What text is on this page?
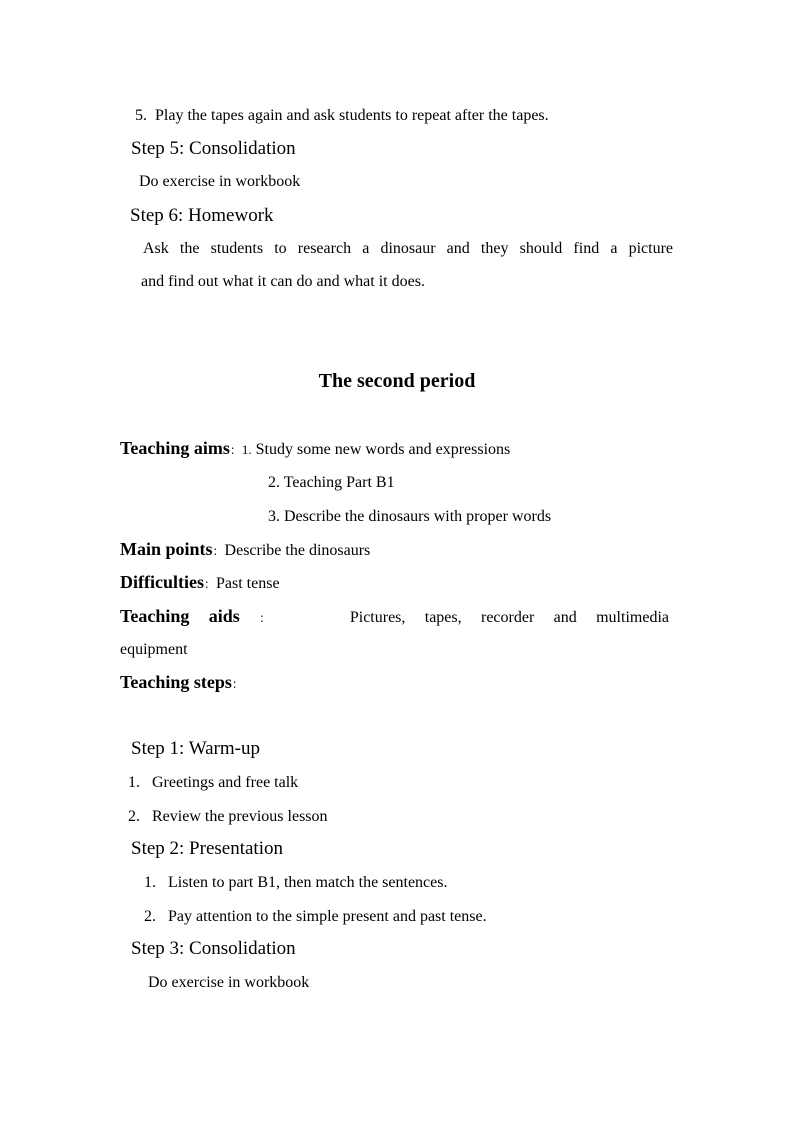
5. Play the tapes again and ask students to repeat after the tapes.
Step 5: Consolidation
Do exercise in workbook
Step 6: Homework
Ask the students to research a dinosaur and they should find a picture
and find out what it can do and what it does.
The second period
Teaching aims：1. Study some new words and expressions
2. Teaching Part B1
3. Describe the dinosaurs with proper words
Main points：Describe the dinosaurs
Difficulties：Past tense
Teaching aids ：	Pictures, tapes, recorder and multimedia
equipment
Teaching steps：
Step 1: Warm-up
1. Greetings and free talk
2. Review the previous lesson
Step 2: Presentation
1. Listen to part B1, then match the sentences.
2. Pay attention to the simple present and past tense.
Step 3: Consolidation
Do exercise in workbook
